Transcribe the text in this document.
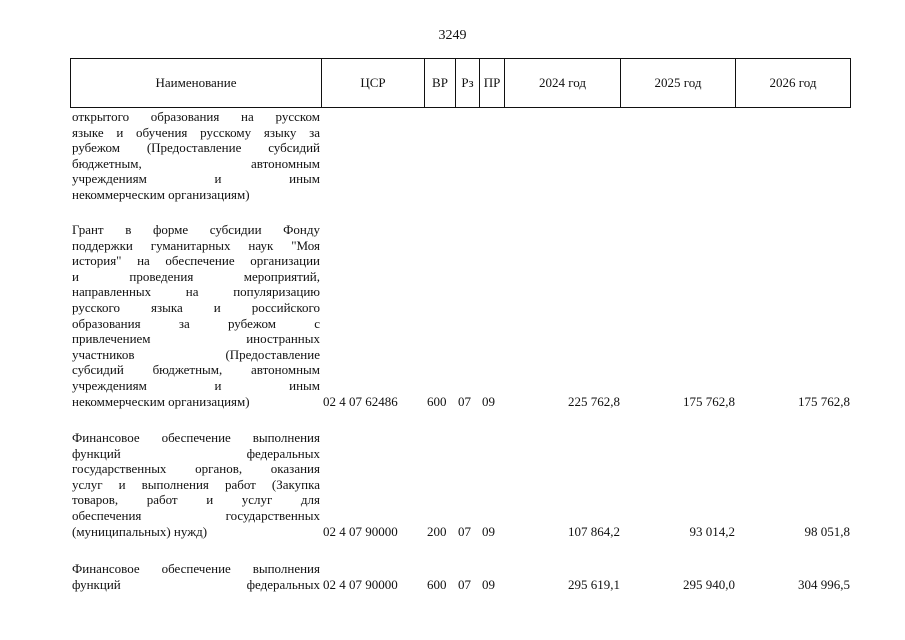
3249
Наименование	ЦСР	ВР	Рз ПР	2024 год	2025 год	2026 год
открытого образования на русском
языке и обучения русскому языку за
рубежом (Предоставление субсидий
бюджетным, автономным
учреждениям и иным
некоммерческим организациям)
Грант в форме субсидии Фонду
поддержки гуманитарных наук "Моя
история" на обеспечение организации
и проведения мероприятий,
направленных на популяризацию
русского языка и российского
образования за рубежом с
привлечением иностранных
участников (Предоставление
субсидий бюджетным, автономным
учреждениям и иным
некоммерческим организациям)	02 4 07 62486 600 07 09	225 762,8	175 762,8	175 762,8
Финансовое обеспечение выполнения
функций федеральных
государственных органов, оказания
услуг и выполнения работ (Закупка
товаров, работ и услуг для
обеспечения государственных
(муниципальных) нужд)	02 4 07 90000 200 07 09	107 864,2	93 014,2	98 051,8
Финансовое обеспечение выполнения
функций федеральных 02 4 07 90000 600 07 09	295 619,1	295 940,0	304 996,5
